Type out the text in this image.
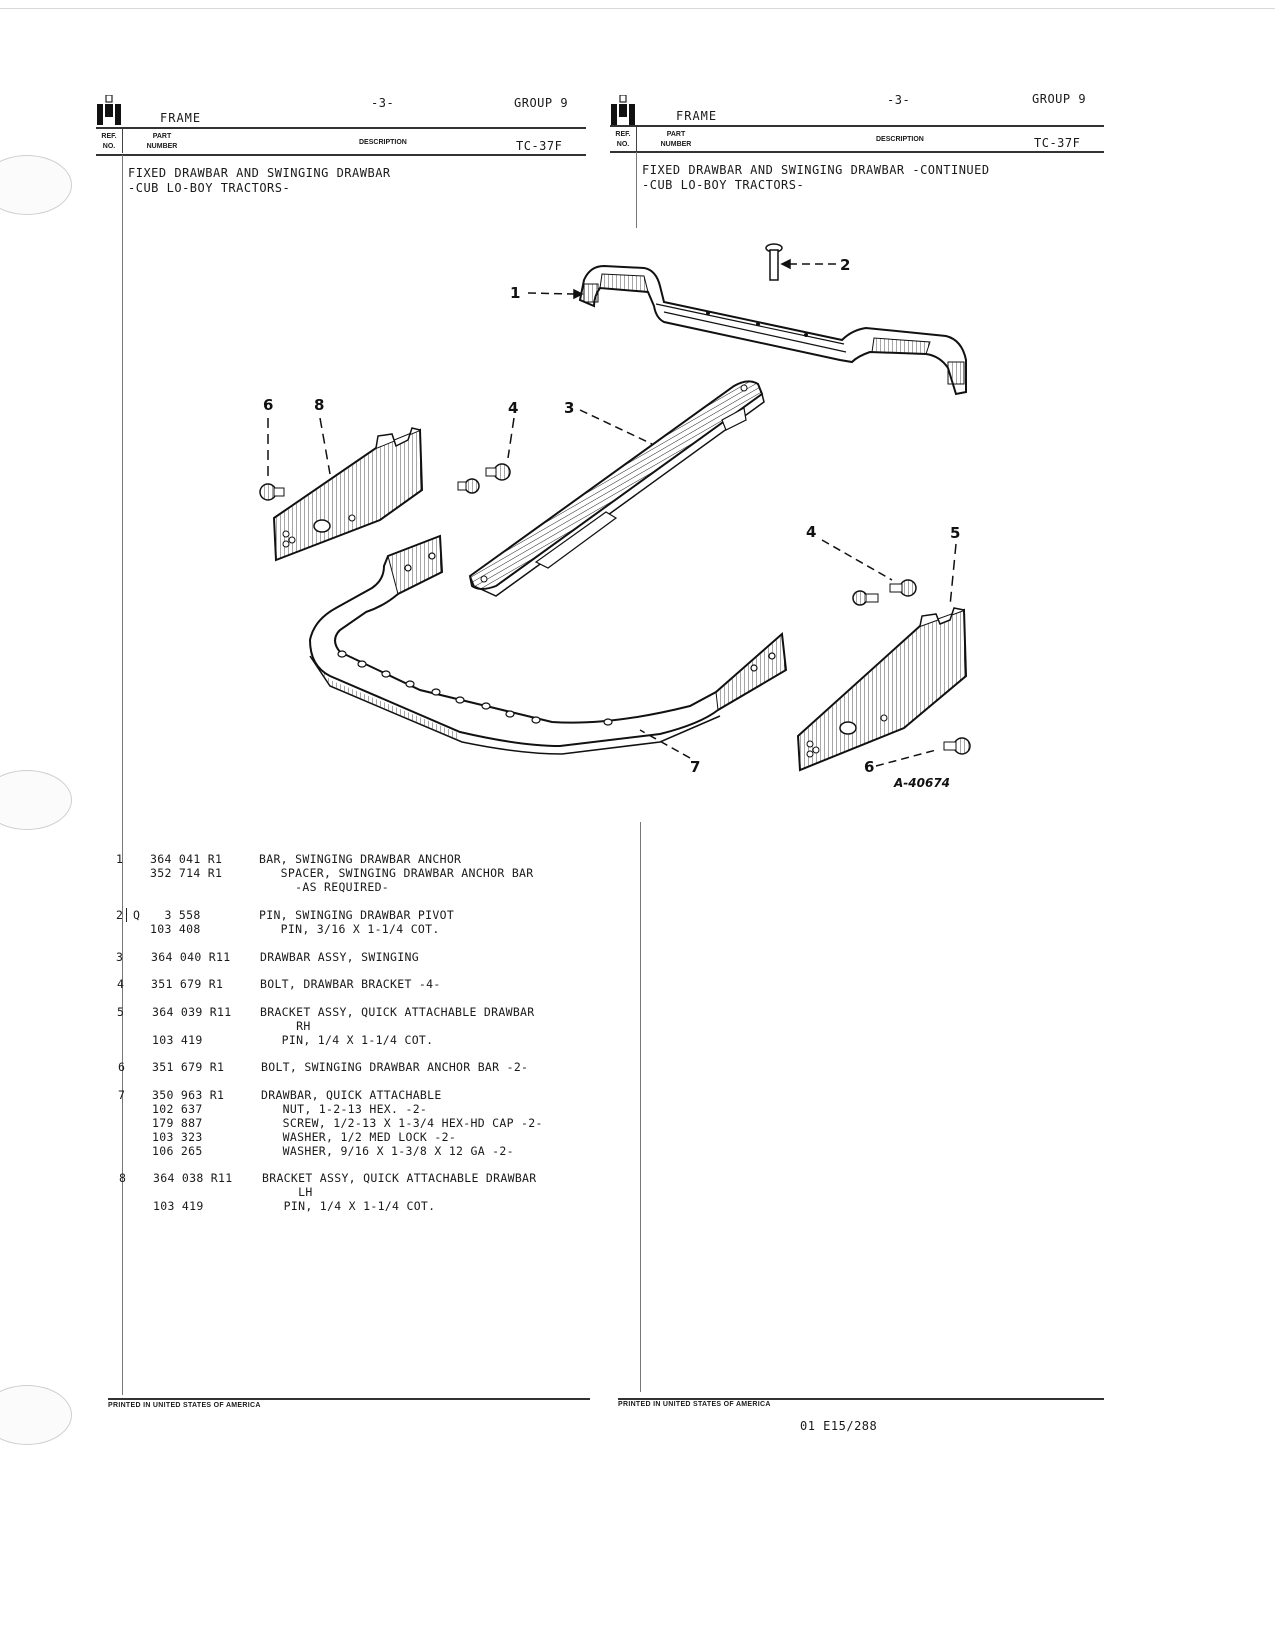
FRAME
-3-	GROUP 9
REF.
NO.
PART
NUMBER
DESCRIPTION	TC-37F
FIXED DRAWBAR AND SWINGING DRAWBAR
-CUB LO-BOY TRACTORS-
FRAME
-3-	GROUP 9
REF.
NO.
PART
NUMBER
DESCRIPTION	TC-37F
FIXED DRAWBAR AND SWINGING DRAWBAR -CONTINUED
-CUB LO-BOY TRACTORS-
1
2
3
4
4	5
6
6
7
8
A-40674
1 364 041 R1	BAR, SWINGING DRAWBAR ANCHOR
352 714 R1	SPACER, SWINGING DRAWBAR ANCHOR BAR
-AS REQUIRED-
2 Q 3 558	PIN, SWINGING DRAWBAR PIVOT
103 408	PIN, 3/16 X 1-1/4 COT.
3 364 040 R11	DRAWBAR ASSY, SWINGING
4 351 679 R1	BOLT, DRAWBAR BRACKET -4-
5 364 039 R11 BRACKET ASSY, QUICK ATTACHABLE DRAWBAR
RH
103 419	PIN, 1/4 X 1-1/4 COT.
6 351 679 R1	BOLT, SWINGING DRAWBAR ANCHOR BAR -2-
7 350 963 R1	DRAWBAR, QUICK ATTACHABLE
102 637	NUT, 1-2-13 HEX. -2-
179 887	SCREW, 1/2-13 X 1-3/4 HEX-HD CAP -2-
103 323	WASHER, 1/2 MED LOCK -2-
106 265	WASHER, 9/16 X 1-3/8 X 12 GA -2-
8 364 038 R11	BRACKET ASSY, QUICK ATTACHABLE DRAWBAR
LH
103 419	PIN, 1/4 X 1-1/4 COT.
PRINTED IN UNITED STATES OF AMERICA	PRINTED IN UNITED STATES OF AMERICA
01 E15/288
